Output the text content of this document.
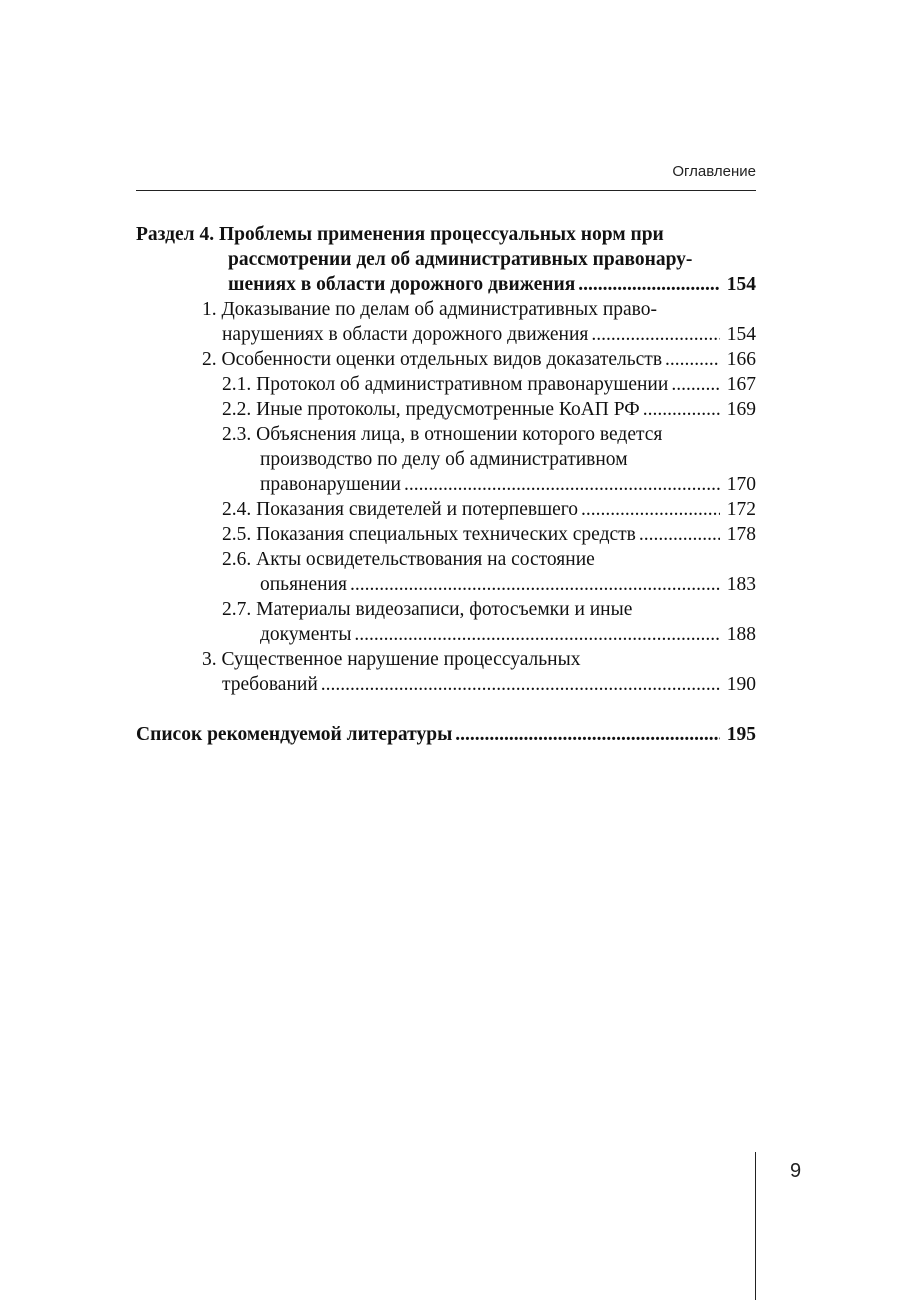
Оглавление
Раздел 4. Проблемы применения процессуальных норм при
рассмотрении дел об административных правонару-
шениях в области дорожного движения .....	154
1. Доказывание по делам об административных право-
нарушениях в области дорожного движения .....	154
2. Особенности оценки отдельных видов доказательств .....	166
2.1. Протокол об административном правонарушении .....	167
2.2. Иные протоколы, предусмотренные КоАП РФ .....	169
2.3. Объяснения лица, в отношении которого ведется
производство по делу об административном
правонарушении .....	170
2.4. Показания свидетелей и потерпевшего .....	172
2.5. Показания специальных технических средств .....	178
2.6. Акты освидетельствования на состояние
опьянения .....	183
2.7. Материалы видеозаписи, фотосъемки и иные
документы .....	188
3. Существенное нарушение процессуальных
требований .....	190
Список рекомендуемой литературы .....	195
9
